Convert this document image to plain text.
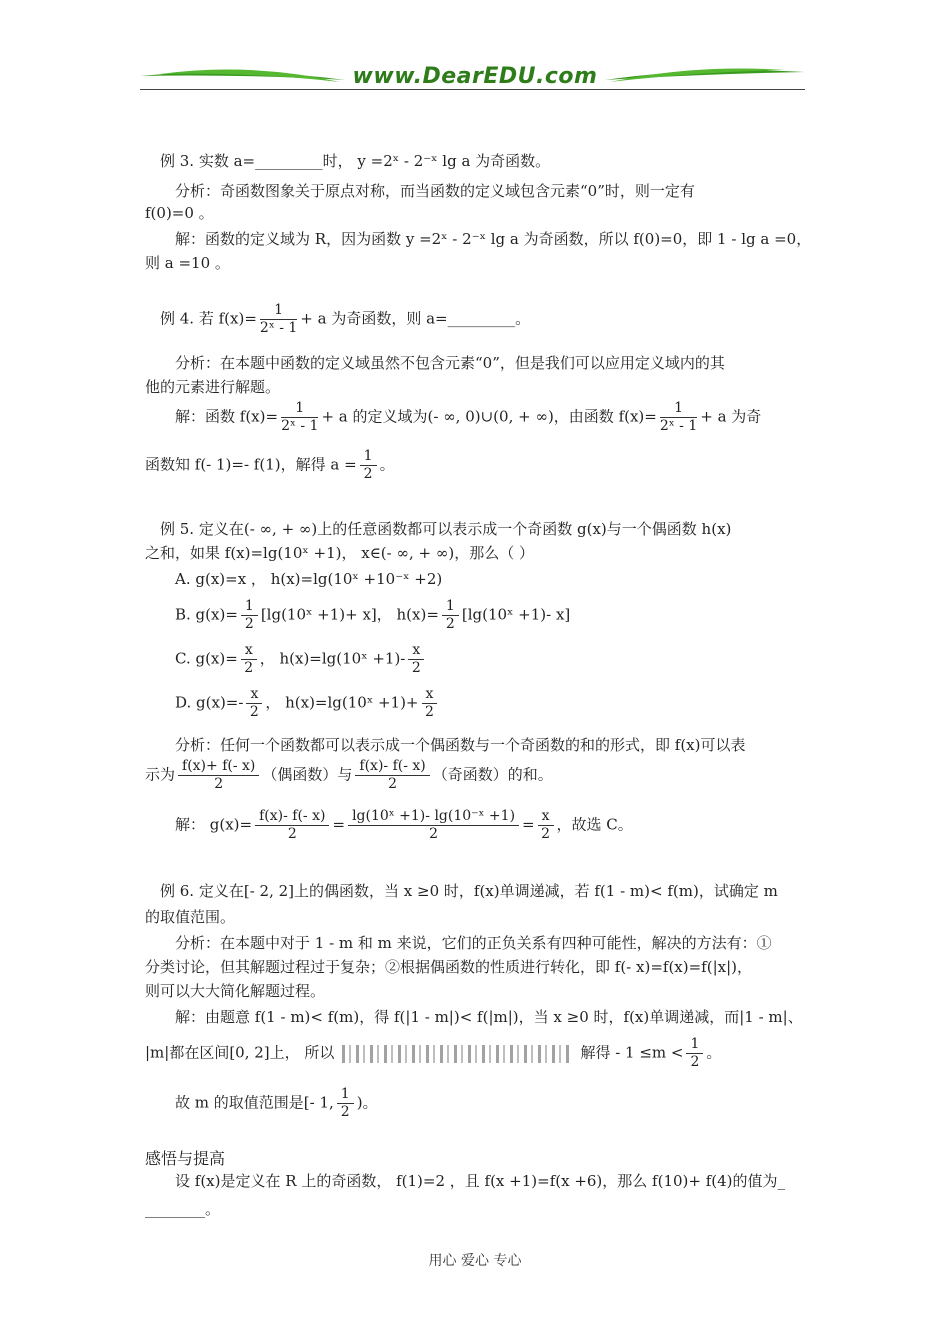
www.DearEDU.com
例 3. 实数 a=_________时， y =2ˣ - 2⁻ˣ lg a 为奇函数。
分析：奇函数图象关于原点对称，而当函数的定义域包含元素“0”时，则一定有
f(0)=0 。
解：函数的定义域为 R，因为函数 y =2ˣ - 2⁻ˣ lg a 为奇函数，所以 f(0)=0，即 1 - lg a =0，
则 a =10 。
例 4. 若 $f(x)= \frac{1}{\text{2ˣ - 1}} + a$ 为奇函数，则 a=_________。
分析：在本题中函数的定义域虽然不包含元素“0”，但是我们可以应用定义域内的其
他的元素进行解题。
解：函数 $f(x)= \frac{1}{\text{2ˣ - 1}} + a$ 的定义域为(- ∞, 0)∪(0, + ∞)，由函数 $f(x)= \frac{1}{\text{2ˣ - 1}} + a$ 为奇
函数知 f(- 1)=- f(1)，解得 $a = \frac{1}{2}$ 。
例 5. 定义在(- ∞, + ∞)上的任意函数都可以表示成一个奇函数 g(x)与一个偶函数 h(x)
之和，如果 f(x)=lg(10ˣ +1)， x∈(- ∞, + ∞)，那么（ ）
A. g(x)=x ， h(x)=lg(10ˣ +10⁻ˣ +2)
B. $g(x)= \frac{1}{2}$ [lg(10ˣ +1)+ x]， $h(x)= \frac{1}{2}$ [lg(10ˣ +1)- x]
C. $g(x)= \frac{x}{2}$ ， h(x)=lg(10ˣ $+1)- \frac{x}{2}$
D. $g(x)=- \frac{x}{2}$ ， h(x)=lg(10ˣ $+1)+ \frac{x}{2}$
分析：任何一个函数都可以表示成一个偶函数与一个奇函数的和的形式，即 f(x)可以表
示为 $\frac{f(x)+ f(- x)}{2}$ （偶函数）与 $\frac{f(x)- f(- x)}{2}$ （奇函数）的和。
解： $g(x)= \frac{f(x)- f(- x)}{2} = \frac{\text{lg(10ˣ +1)- lg(10⁻ˣ +1)}}{2} = \frac{x}{2}$ ，故选 C。
例 6. 定义在[- 2, 2]上的偶函数，当 x ≥0 时，f(x)单调递减，若 f(1 - m)< f(m)，试确定 m
的取值范围。
分析：在本题中对于 1 - m 和 m 来说，它们的正负关系有四种可能性，解决的方法有：①
分类讨论，但其解题过程过于复杂；②根据偶函数的性质进行转化，即 f(- x)=f(x)=f(|x|)，
则可以大大简化解题过程。
解：由题意 f(1 - m)< f(m)，得 f(|1 - m|)< f(|m|)，当 x ≥0 时，f(x)单调递减，而|1 - m|、
|m|都在区间[0, 2]上， 所以	解得 - $1 \le m < \frac{1}{2}$ 。
故 m 的取值范围是[- 1, $\frac{1}{2}$ )。
感悟与提高
设 f(x)是定义在 R 上的奇函数， f(1)=2 ，且 f(x +1)=f(x +6)，那么 f(10)+ f(4)的值为_
________。
用心 爱心 专心
